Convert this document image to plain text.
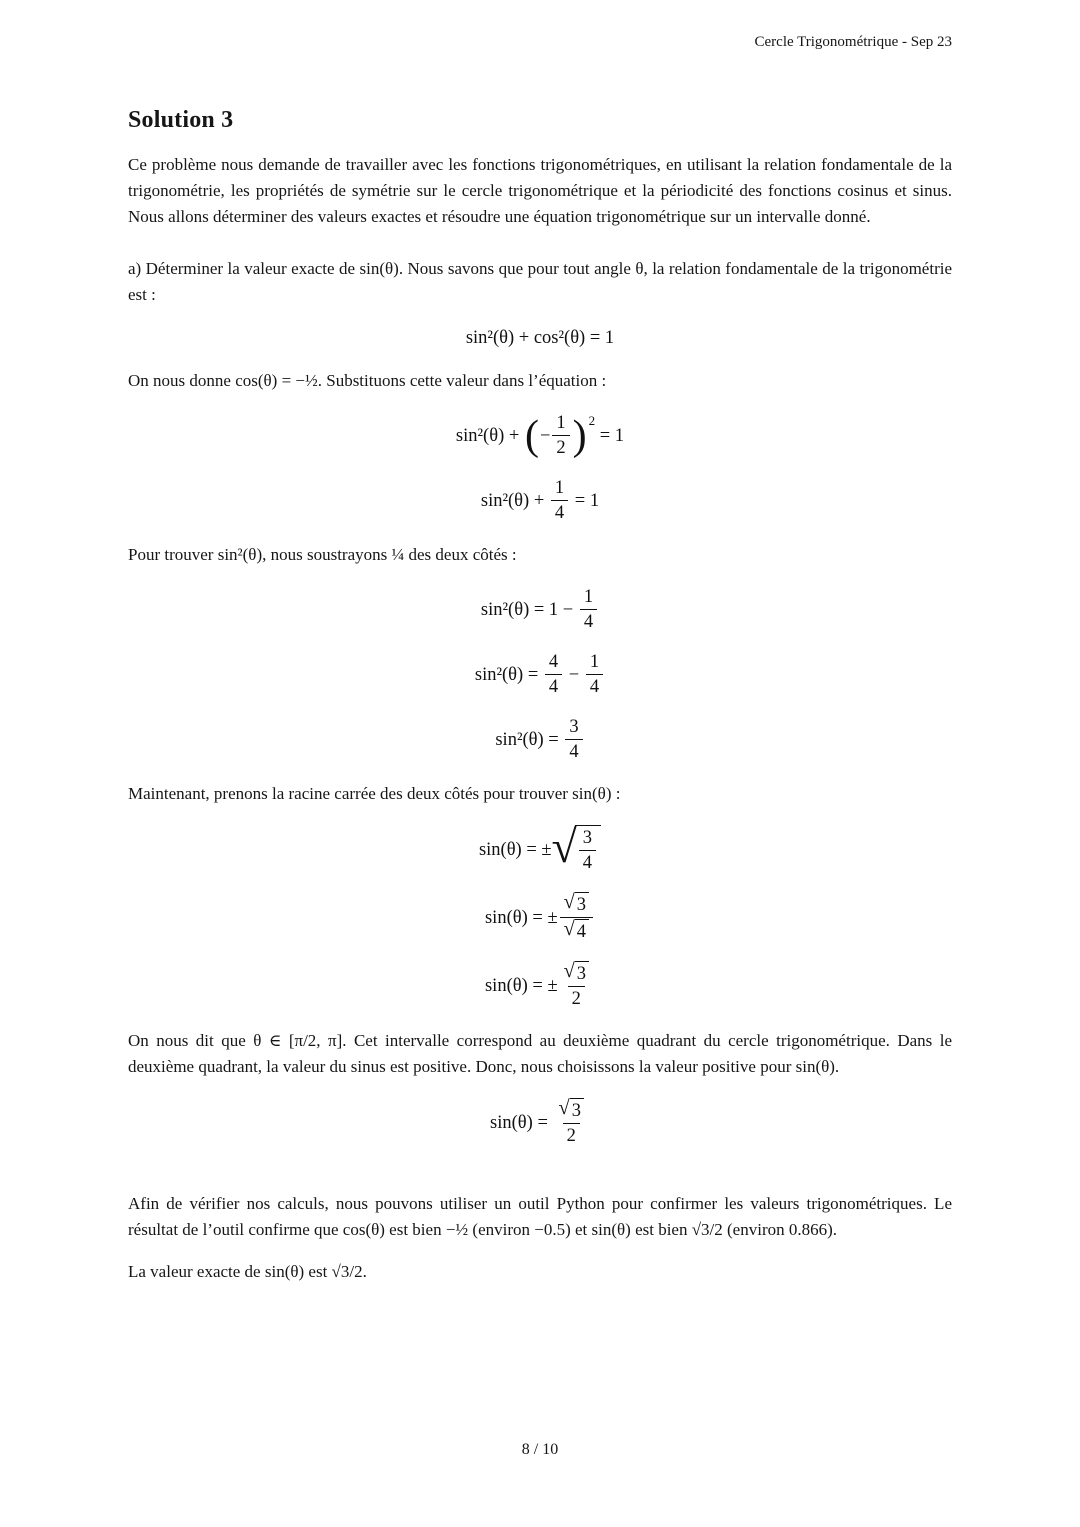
Cercle Trigonométrique - Sep 23
Solution 3

Ce problème nous demande de travailler avec les fonctions trigonométriques, en utilisant la relation fondamentale de la trigonométrie, les propriétés de symétrie sur le cercle trigonométrique et la périodicité des fonctions cosinus et sinus. Nous allons déterminer des valeurs exactes et résoudre une équation trigonométrique sur un intervalle donné.

a) Déterminer la valeur exacte de sin(θ). Nous savons que pour tout angle θ, la relation fondamentale de la trigonométrie est :

sin²(θ) + cos²(θ) = 1

On nous donne cos(θ) = −½. Substituons cette valeur dans l’équation :

sin²(θ) + ( − $\frac{1}{2} )^2$
= 1
$\sin^2(\theta) + \frac{1}{4} = 1$

Pour trouver sin²(θ), nous soustrayons ¼ des deux côtés :

$\sin^2(\theta) = 1 - \frac{1}{4}$
$\sin^2(\theta) = \frac{4}{4} - \frac{1}{4}$
$\sin^2(\theta) = \frac{3}{4}$

Maintenant, prenons la racine carrée des deux côtés pour trouver sin(θ) :

sin(θ) = ± √ $\frac{3}{4}$
sin(θ) = ± $\frac{√ 3}{√ 4}$
sin(θ) = ± $\frac{√ 3}{2}$

On nous dit que θ ∈ [π/2, π]. Cet intervalle correspond au deuxième quadrant du cercle trigonométrique. Dans le deuxième quadrant, la valeur du sinus est positive. Donc, nous choisissons la valeur positive pour sin(θ).

$\sin(\theta) = \frac{√ 3}{2}$

Afin de vérifier nos calculs, nous pouvons utiliser un outil Python pour confirmer les valeurs trigonométriques. Le résultat de l’outil confirme que cos(θ) est bien −½ (environ −0.5) et sin(θ) est bien √3/2 (environ 0.866).

La valeur exacte de sin(θ) est √3/2.

8 / 10
